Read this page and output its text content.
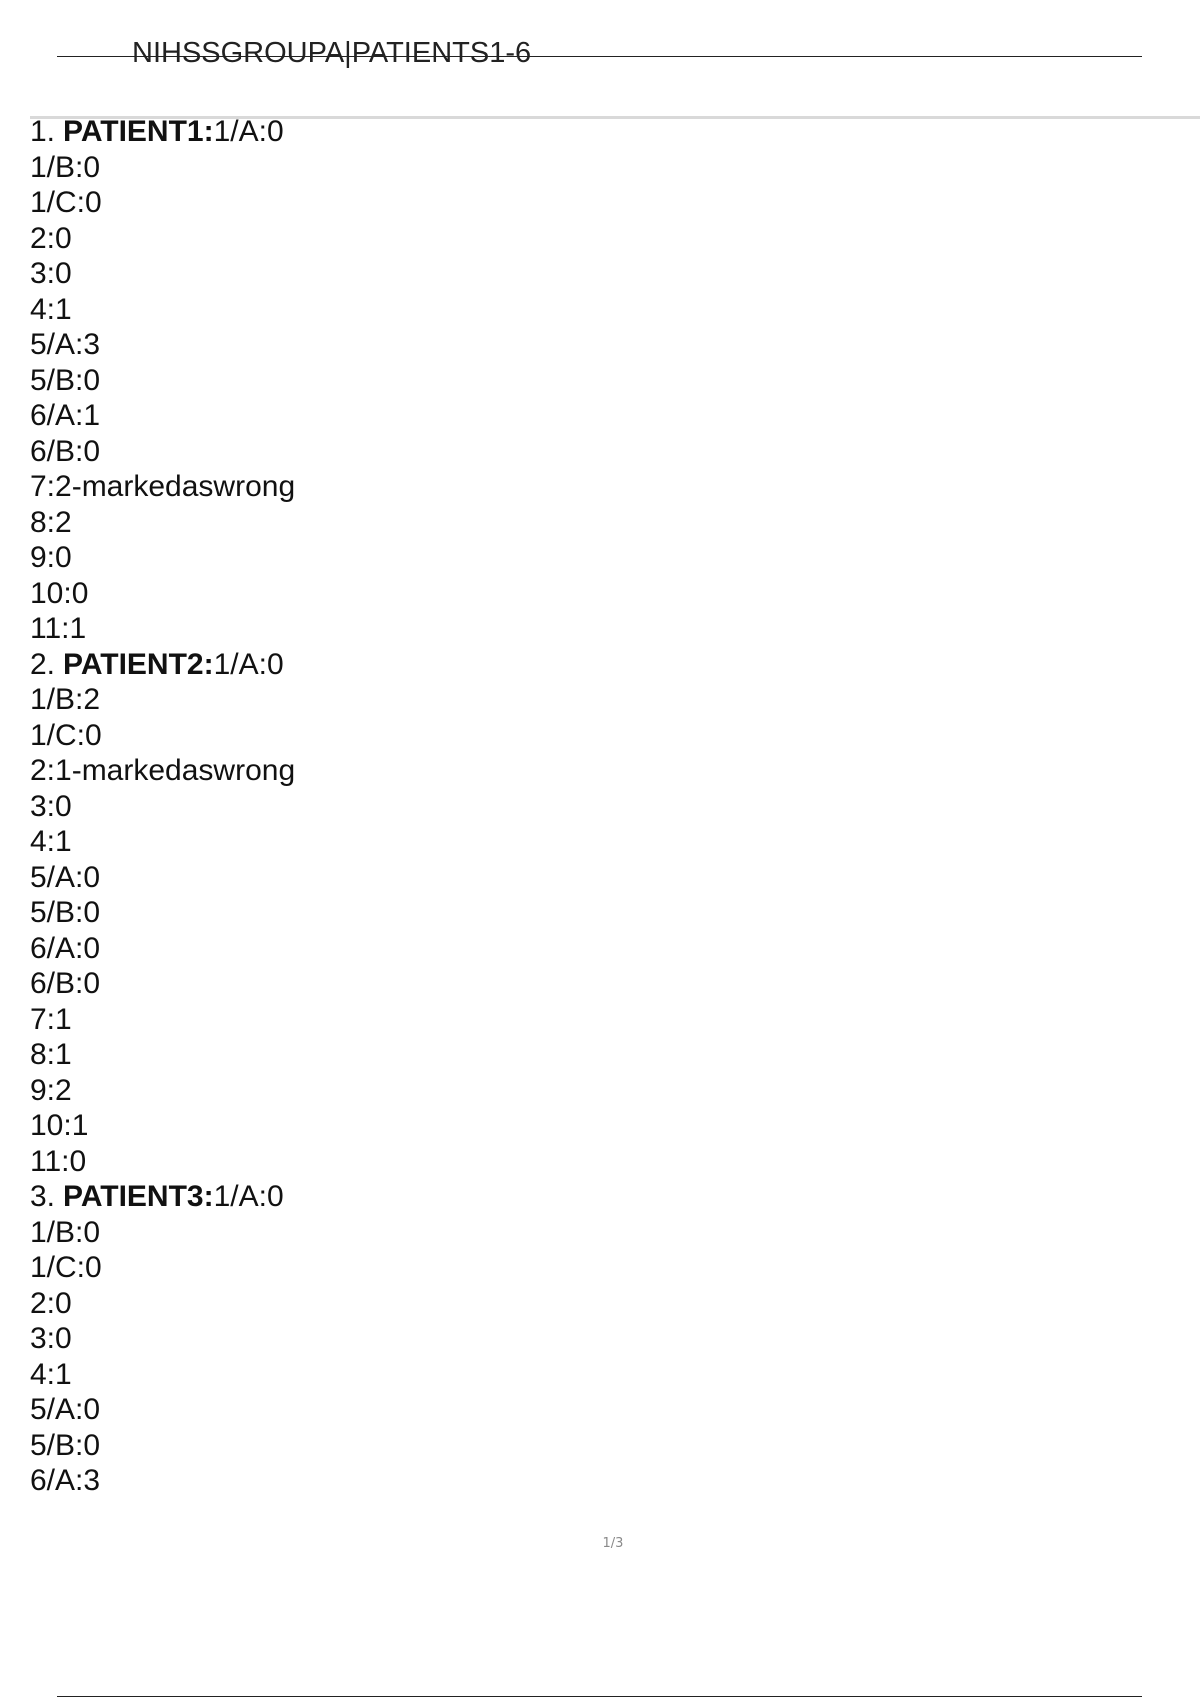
NIHSSGROUPA|PATIENTS1-6
1. PATIENT1:1/A:0
1/B:0
1/C:0
2:0
3:0
4:1
5/A:3
5/B:0
6/A:1
6/B:0
7:2-markedaswrong
8:2
9:0
10:0
11:1
2. PATIENT2:1/A:0
1/B:2
1/C:0
2:1-markedaswrong
3:0
4:1
5/A:0
5/B:0
6/A:0
6/B:0
7:1
8:1
9:2
10:1
11:0
3. PATIENT3:1/A:0
1/B:0
1/C:0
2:0
3:0
4:1
5/A:0
5/B:0
6/A:3
1/3
